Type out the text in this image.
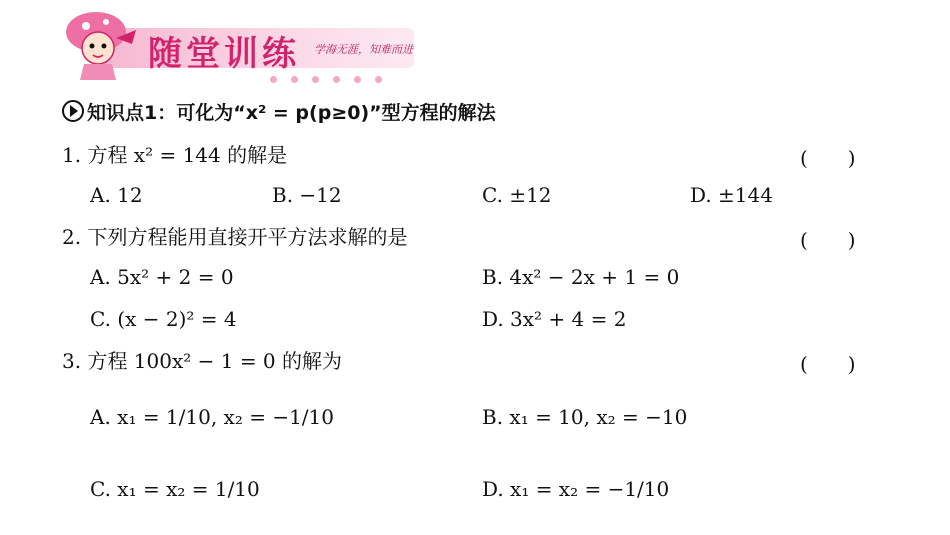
随堂训练 学海无涯，知难而进
知识点1：可化为“x² = p(p≥0)”型方程的解法
1. 方程 x² = 144 的解是	(　　)
A. 12	B. −12	C. ±12	D. ±144
2. 下列方程能用直接开平方法求解的是	(　　)
A. 5x² + 2 = 0	B. 4x² − 2x + 1 = 0
C. (x − 2)² = 4	D. 3x² + 4 = 2
3. 方程 100x² − 1 = 0 的解为	(　　)
A. x₁ = 1/10, x₂ = −1/10	B. x₁ = 10, x₂ = −10
C. x₁ = x₂ = 1/10	D. x₁ = x₂ = −1/10
